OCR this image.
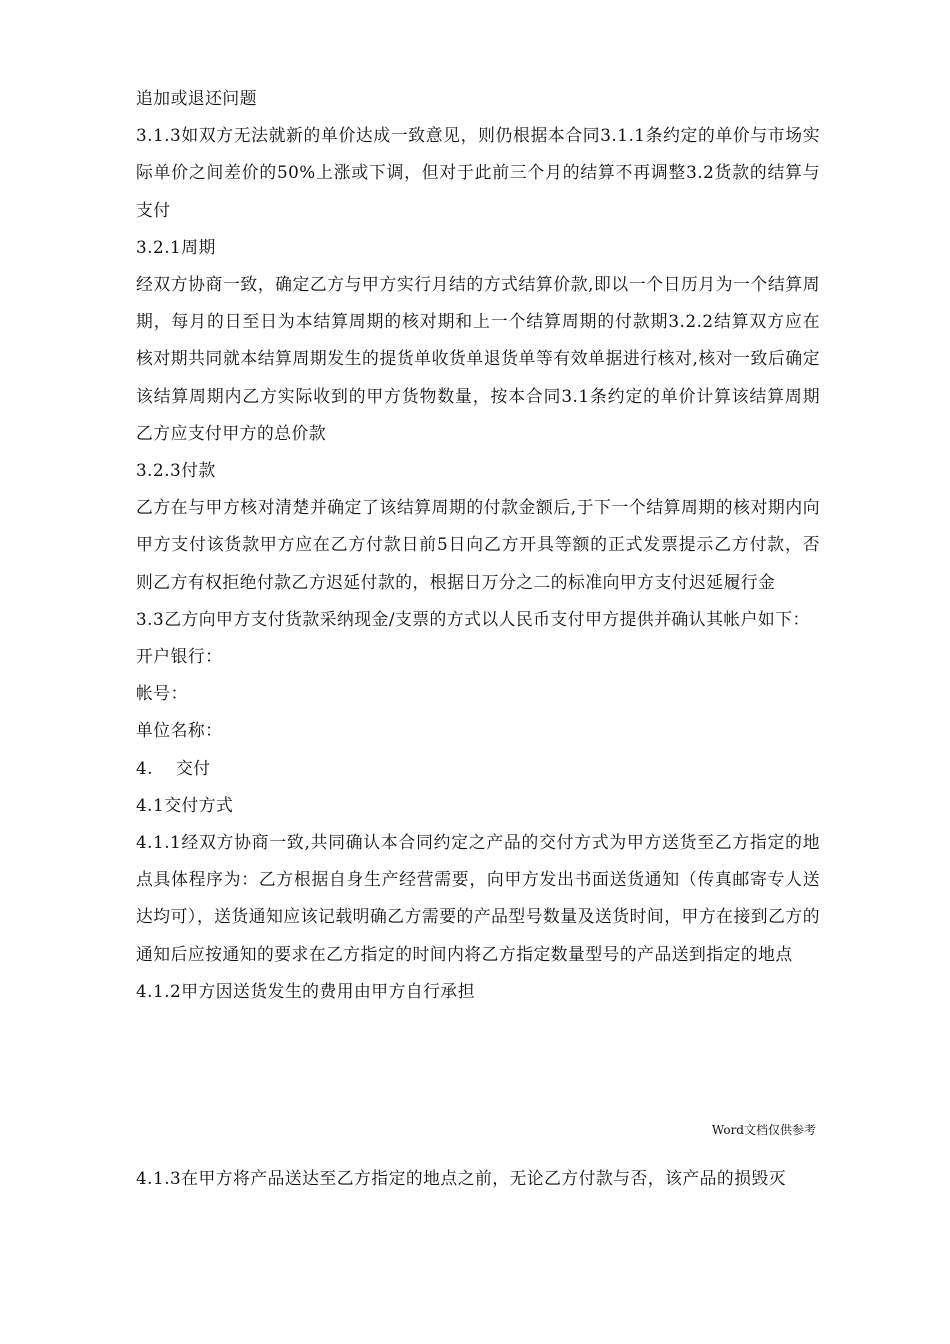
追加或退还问题

3.1.3如双方无法就新的单价达成一致意见，则仍根据本合同3.1.1条约定的单价与市场实际单价之间差价的50%上涨或下调，但对于此前三个月的结算不再调整3.2货款的结算与支付

3.2.1周期

经双方协商一致，确定乙方与甲方实行月结的方式结算价款,即以一个日历月为一个结算周期，每月的日至日为本结算周期的核对期和上一个结算周期的付款期3.2.2结算双方应在核对期共同就本结算周期发生的提货单收货单退货单等有效单据进行核对,核对一致后确定该结算周期内乙方实际收到的甲方货物数量，按本合同3.1条约定的单价计算该结算周期乙方应支付甲方的总价款

3.2.3付款

乙方在与甲方核对清楚并确定了该结算周期的付款金额后,于下一个结算周期的核对期内向甲方支付该货款甲方应在乙方付款日前5日向乙方开具等额的正式发票提示乙方付款，否则乙方有权拒绝付款乙方迟延付款的，根据日万分之二的标准向甲方支付迟延履行金

3.3乙方向甲方支付货款采纳现金/支票的方式以人民币支付甲方提供并确认其帐户如下：

开户银行：

帐号：

单位名称：

4. 交付

4.1交付方式

4.1.1经双方协商一致,共同确认本合同约定之产品的交付方式为甲方送货至乙方指定的地点具体程序为：乙方根据自身生产经营需要，向甲方发出书面送货通知（传真邮寄专人送达均可），送货通知应该记载明确乙方需要的产品型号数量及送货时间，甲方在接到乙方的通知后应按通知的要求在乙方指定的时间内将乙方指定数量型号的产品送到指定的地点

4.1.2甲方因送货发生的费用由甲方自行承担

Word文档仅供参考
4.1.3在甲方将产品送达至乙方指定的地点之前，无论乙方付款与否，该产品的损毁灭
